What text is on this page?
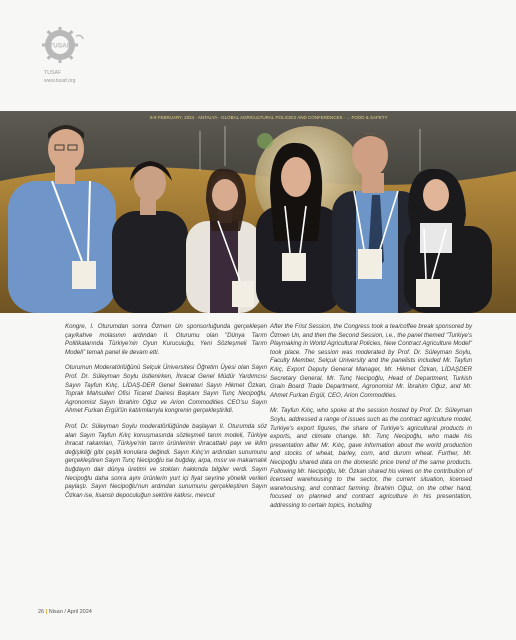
TUSAF
TUSAF
www.tusaf.org
8-9 FEBRUARY, 2024 · ANTALYA · GLOBAL AGRICULTURAL POLICIES AND CONFERENCES · ... FOOD & SAFETY

Kongre, I. Oturumdan sonra Özmen Un sponsorluğunda gerçekleşen çay/kahve molasının ardından II. Oturumu olan "Dünya Tarım Politikalarında Türkiye'nin Oyun Kurucuiuğu, Yeni Sözleşmeli Tarım Modeli" temalı panel ile devam etti.

Oturumun Moderatörlüğünü Selçuk Üniversitesi Öğretim Üyesi olan Sayın Prof. Dr. Süleyman Soylu üstlenirken, İhracat Genel Müdür Yardımcısı Sayın Tayfun Kılıç, LİDAŞ-DER Genel Sekreteri Sayın Hikmet Özkan, Toprak Mahsulleri Ofisi Ticaret Dairesi Başkanı Sayın Tunç Necipoğlu, Agronomist Sayın İbrahim Oğuz ve Arion Commodities CEO'su Sayın Ahmet Furkan Ergül'ün katılımlarıyla kongrenin gerçekleştirildi.

Prof. Dr. Süleyman Soylu moderatörlüğünde başlayan II. Oturumda söz alan Sayın Tayfun Kılıç konuşmasında sözleşmeli tarım modeli, Türkiye ihracat rakamları, Türkiye'nin tarım ürünlerinin ihracattaki payı ve iklim değişikliği gibi çeşitli konulara değindi. Sayın Kılıç'ın ardından sunumunu gerçekleştiren Sayın Tunç Necipoğlu ise buğday, arpa, mısır ve makarnalık buğdayın dair dünya üretimi ve stokları hakkında bilgiler verdi. Sayın Necipoğlu daha sonra aynı ürünlerin yurt içi fiyat seyrine yönelik verileri paylaştı. Sayın Necipoğlu'nun ardından sunumunu gerçekleştiren Sayın Özkan ise, lisanslı depoculuğun sektöre katkısı, mevcut

After the Frist Session, the Congress took a tea/coffee break sponsored by Özmen Un, and then the Second Session, i.e., the panel themed "Turkiye's Playmaking in World Agricultural Policies, New Contract Agriculture Model" took place. The session was moderated by Prof. Dr. Süleyman Soylu, Faculty Member, Selçuk University and the panelists included Mr. Tayfun Kılıç, Export Deputy General Manager, Mr. Hikmet Özkan, LİDAŞDER Secretary General, Mr. Tunç Necipoğlu, Head of Department, Turkish Grain Board Trade Department, Agronomist Mr. İbrahim Oğuz, and Mr. Ahmet Furkan Ergül, CEO, Arion Commodities.

Mr. Tayfun Kılıç, who spoke at the session hosted by Prof. Dr. Süleyman Soylu, addressed a range of issues such as the contract agriculture model, Turkiye's export figures, the share of Turkiye's agricultural products in exports, and climate change. Mr. Tunç Necipoğlu, who made his presentation after Mr. Kılıç, gave information about the world production and stocks of wheat, barley, corn, and durum wheat. Further, Mr. Necipoğlu shared data on the domestic price trend of the same products. Following Mr. Necipoğlu, Mr. Özkan shared his views on the contribution of licensed warehousing to the sector, the current situation, licensed warehousing, and contract farming. İbrahim Oğuz, on the other hand, focused on planned and contract agriculture in his presentation, addressing to certain topics, including

26 | Nisan / April 2024
